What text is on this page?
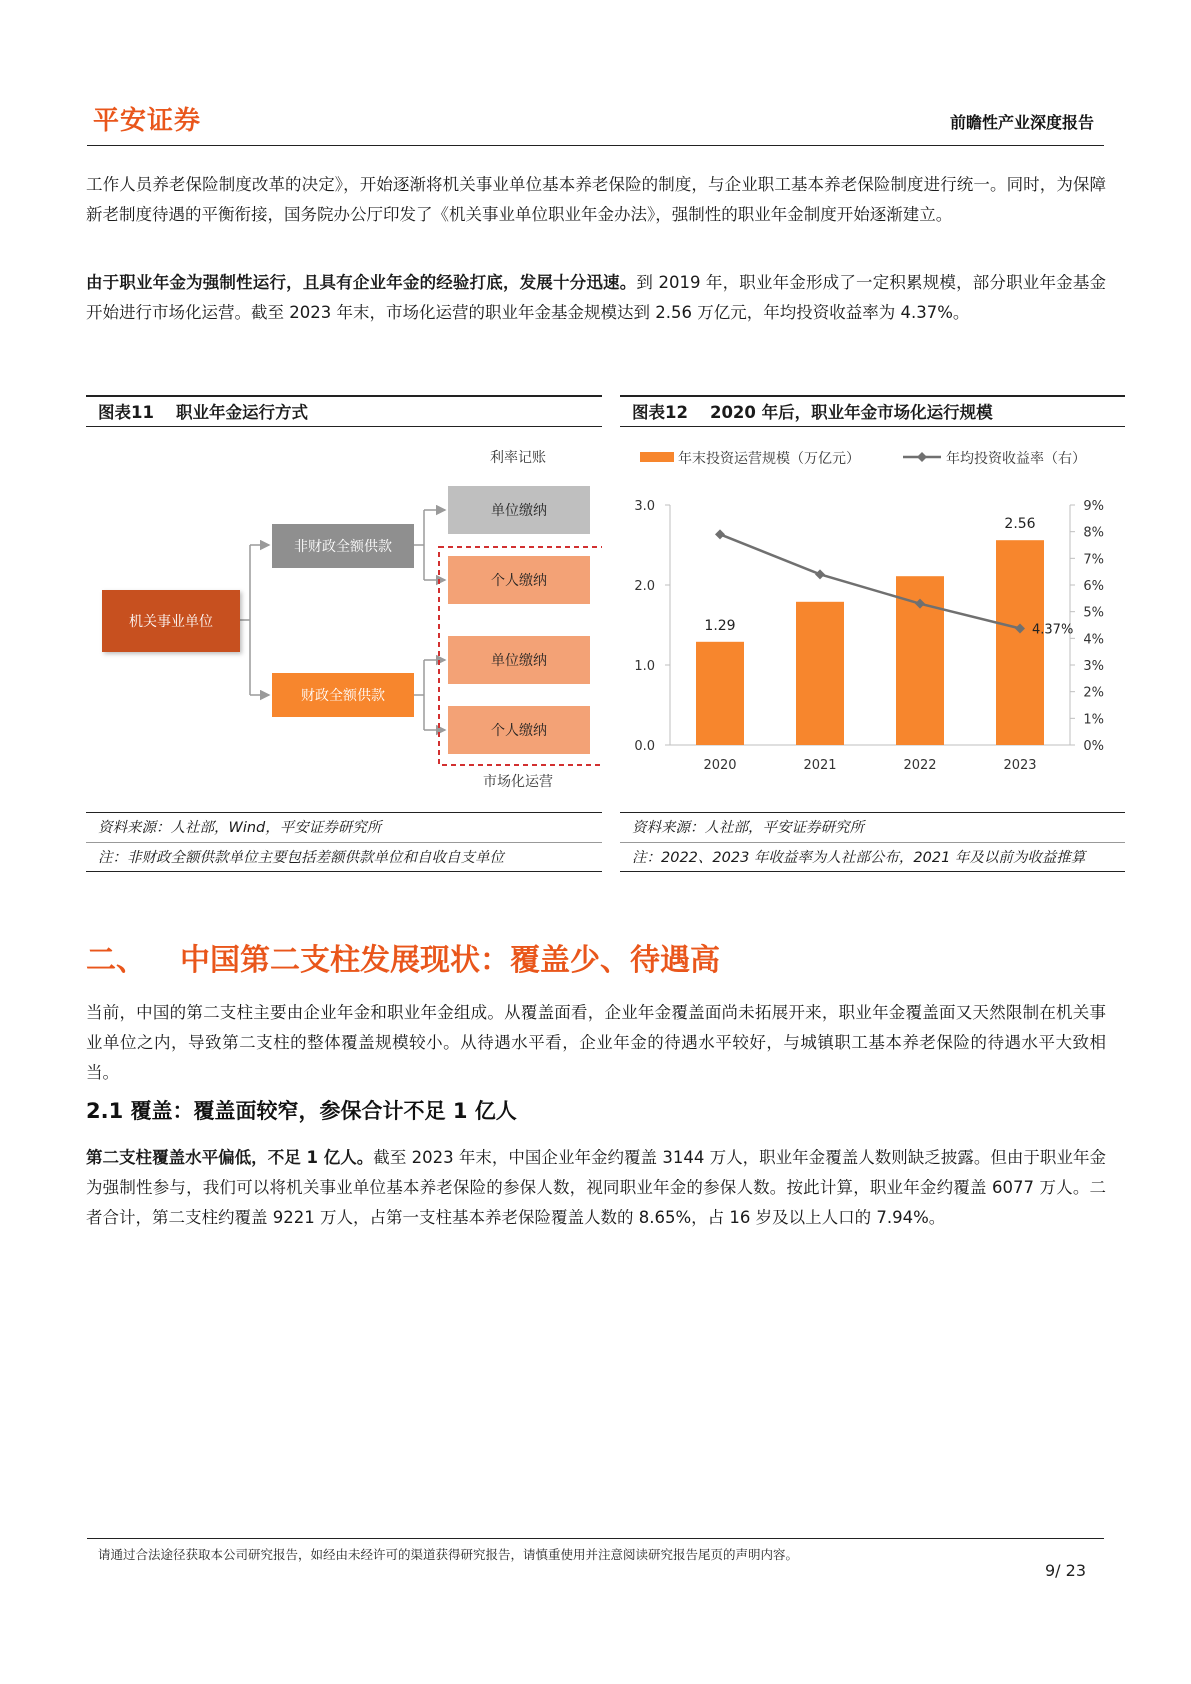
平安证券	前瞻性产业深度报告

工作人员养老保险制度改革的决定》，开始逐渐将机关事业单位基本养老保险的制度，与企业职工基本养老保险制度进行统一。同时，为保障新老制度待遇的平衡衔接，国务院办公厅印发了《机关事业单位职业年金办法》，强制性的职业年金制度开始逐渐建立。

由于职业年金为强制性运行，且具有企业年金的经验打底，发展十分迅速。到 2019 年，职业年金形成了一定积累规模，部分职业年金基金开始进行市场化运营。截至 2023 年末，市场化运营的职业年金基金规模达到 2.56 万亿元，年均投资收益率为 4.37%。

图表11 职业年金运行方式
利率记账
市场化运营
机关事业单位
非财政全额供款
财政全额供款
单位缴纳
个人缴纳
单位缴纳
个人缴纳
资料来源：人社部，Wind，平安证券研究所
注：非财政全额供款单位主要包括差额供款单位和自收自支单位
图表12 2020 年后，职业年金市场化运行规模
年末投资运营规模（万亿元）	年均投资收益率（右）
0.0
1.0
2.0
3.0
0%
1%
2%
3%
4%
5%
6%
7%
8%
9%
2020	2021	2022	2023
1.29
2.56
4.37%
资料来源：人社部，平安证券研究所
注：2022、2023 年收益率为人社部公布，2021 年及以前为收益推算
二、 中国第二支柱发展现状：覆盖少、待遇高

当前，中国的第二支柱主要由企业年金和职业年金组成。从覆盖面看，企业年金覆盖面尚未拓展开来，职业年金覆盖面又天然限制在机关事业单位之内，导致第二支柱的整体覆盖规模较小。从待遇水平看，企业年金的待遇水平较好，与城镇职工基本养老保险的待遇水平大致相当。

2.1 覆盖：覆盖面较窄，参保合计不足 1 亿人

第二支柱覆盖水平偏低，不足 1 亿人。截至 2023 年末，中国企业年金约覆盖 3144 万人，职业年金覆盖人数则缺乏披露。但由于职业年金为强制性参与，我们可以将机关事业单位基本养老保险的参保人数，视同职业年金的参保人数。按此计算，职业年金约覆盖 6077 万人。二者合计，第二支柱约覆盖 9221 万人，占第一支柱基本养老保险覆盖人数的 8.65%，占 16 岁及以上人口的 7.94%。

请通过合法途径获取本公司研究报告，如经由未经许可的渠道获得研究报告，请慎重使用并注意阅读研究报告尾页的声明内容。
9/ 23
